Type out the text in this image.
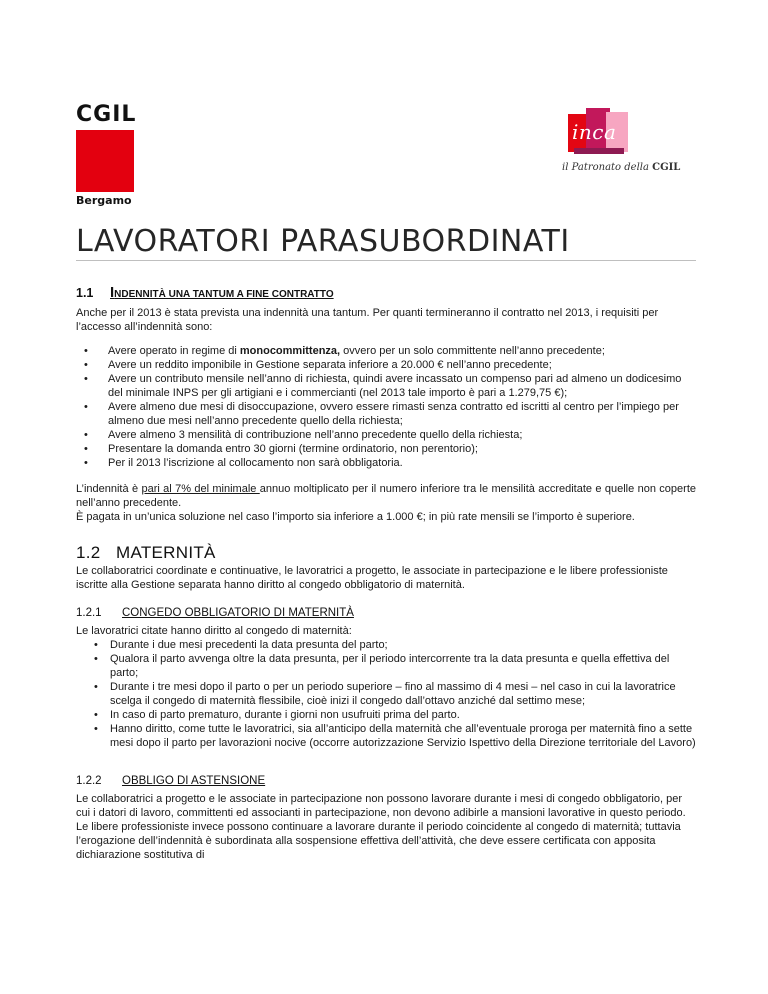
CGIL
Bergamo
inca
il Patronato della CGIL
LAVORATORI PARASUBORDINATI
1.1	INDENNITÀ UNA TANTUM A FINE CONTRATTO

Anche per il 2013 è stata prevista una indennità una tantum. Per quanti termineranno il contratto nel 2013, i requisiti per l’accesso all’indennità sono:

• Avere operato in regime di monocommittenza, ovvero per un solo committente nell’anno precedente;
• Avere un reddito imponibile in Gestione separata inferiore a 20.000 € nell’anno precedente;
• Avere un contributo mensile nell’anno di richiesta, quindi avere incassato un compenso pari ad almeno un dodicesimo del minimale INPS per gli artigiani e i commercianti (nel 2013 tale importo è pari a 1.279,75 €);
• Avere almeno due mesi di disoccupazione, ovvero essere rimasti senza contratto ed iscritti al centro per l’impiego per almeno due mesi nell’anno precedente quello della richiesta;
• Avere almeno 3 mensilità di contribuzione nell’anno precedente quello della richiesta;
• Presentare la domanda entro 30 giorni (termine ordinatorio, non perentorio);
• Per il 2013 l’iscrizione al collocamento non sarà obbligatoria.

L’indennità è pari al 7% del minimale annuo moltiplicato per il numero inferiore tra le mensilità accreditate e quelle non coperte nell’anno precedente.

È pagata in un’unica soluzione nel caso l’importo sia inferiore a 1.000 €; in più rate mensili se l’importo è superiore.

1.2 MATERNITÀ

Le collaboratrici coordinate e continuative, le lavoratrici a progetto, le associate in partecipazione e le libere professioniste iscritte alla Gestione separata hanno diritto al congedo obbligatorio di maternità.

1.2.1	CONGEDO OBBLIGATORIO DI MATERNITÀ

Le lavoratrici citate hanno diritto al congedo di maternità:

• Durante i due mesi precedenti la data presunta del parto;
• Qualora il parto avvenga oltre la data presunta, per il periodo intercorrente tra la data presunta e quella effettiva del parto;
• Durante i tre mesi dopo il parto o per un periodo superiore – fino al massimo di 4 mesi – nel caso in cui la lavoratrice scelga il congedo di maternità flessibile, cioè inizi il congedo dall’ottavo anziché dal settimo mese;
• In caso di parto prematuro, durante i giorni non usufruiti prima del parto.
• Hanno diritto, come tutte le lavoratrici, sia all’anticipo della maternità che all’eventuale proroga per maternità fino a sette mesi dopo il parto per lavorazioni nocive (occorre autorizzazione Servizio Ispettivo della Direzione territoriale del Lavoro)
1.2.2	OBBLIGO DI ASTENSIONE

Le collaboratrici a progetto e le associate in partecipazione non possono lavorare durante i mesi di congedo obbligatorio, per cui i datori di lavoro, committenti ed associanti in partecipazione, non devono adibirle a mansioni lavorative in questo periodo. Le libere professioniste invece possono continuare a lavorare durante il periodo coincidente al congedo di maternità; tuttavia l’erogazione dell’indennità è subordinata alla sospensione effettiva dell’attività, che deve essere certificata con apposita dichiarazione sostitutiva di
